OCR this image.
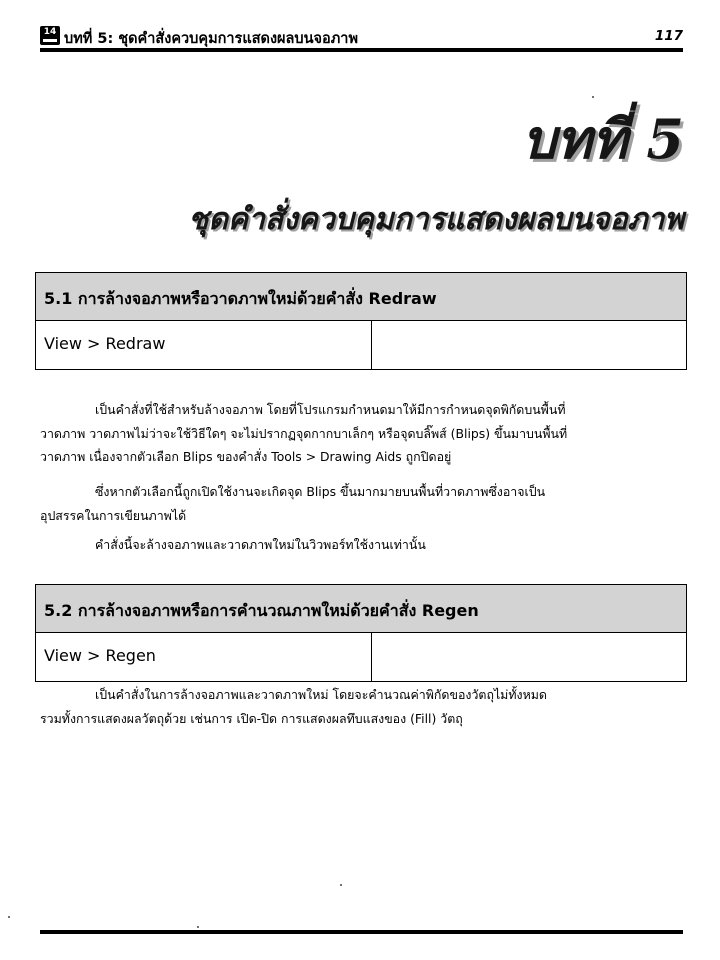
14 บทที่ 5: ชุดคำสั่งควบคุมการแสดงผลบนจอภาพ	117
บทที่ 5
ชุดคำสั่งควบคุมการแสดงผลบนจอภาพ
5.1 การล้างจอภาพหรือวาดภาพใหม่ด้วยคำสั่ง Redraw
View > Redraw
เป็นคำสั่งที่ใช้สำหรับล้างจอภาพ โดยที่โปรแกรมกำหนดมาให้มีการกำหนดจุดพิกัดบนพื้นที่
วาดภาพ วาดภาพไม่ว่าจะใช้วิธีใดๆ จะไม่ปรากฏจุดกากบาเล็กๆ หรือจุดบลิ๊พส์ (Blips) ขึ้นมาบนพื้นที่
วาดภาพ เนื่องจากตัวเลือก Blips ของคำสั่ง Tools > Drawing Aids ถูกปิดอยู่
ซึ่งหากตัวเลือกนี้ถูกเปิดใช้งานจะเกิดจุด Blips ขึ้นมากมายบนพื้นที่วาดภาพซึ่งอาจเป็น
อุปสรรคในการเขียนภาพได้
คำสั่งนี้จะล้างจอภาพและวาดภาพใหม่ในวิวพอร์ทใช้งานเท่านั้น
5.2 การล้างจอภาพหรือการคำนวณภาพใหม่ด้วยคำสั่ง Regen
View > Regen
เป็นคำสั่งในการล้างจอภาพและวาดภาพใหม่ โดยจะคำนวณค่าพิกัดของวัตถุไม่ทั้งหมด
รวมทั้งการแสดงผลวัตถุด้วย เช่นการ เปิด-ปิด การแสดงผลทึบแสงของ (Fill) วัตถุ
